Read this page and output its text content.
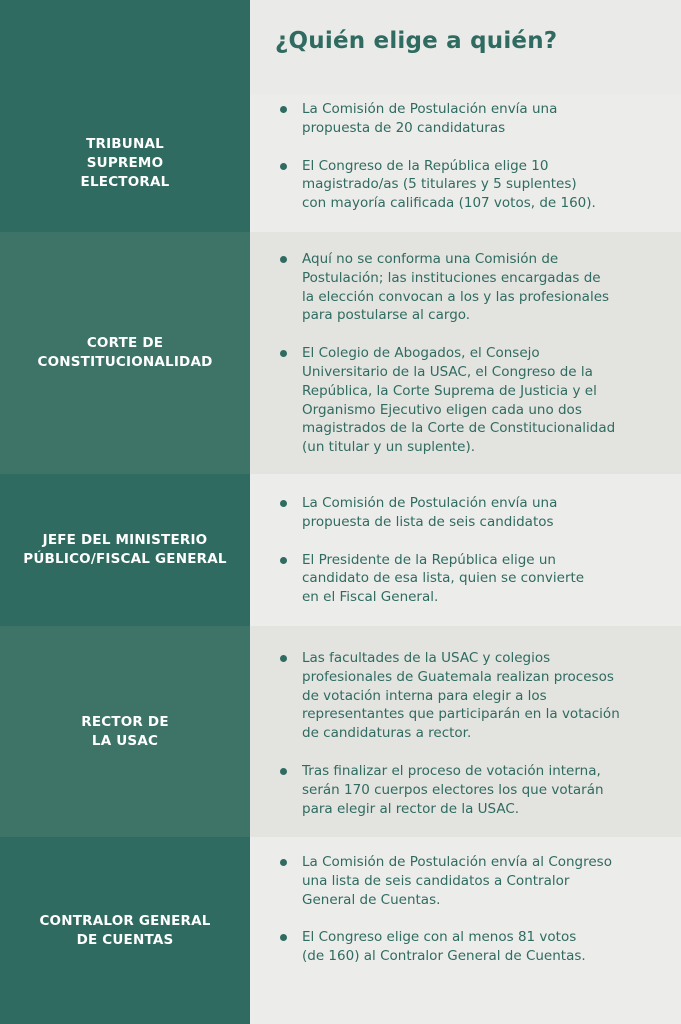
¿Quién elige a quién?
TRIBUNAL
SUPREMO
ELECTORAL
La Comisión de Postulación envía una
propuesta de 20 candidaturas
El Congreso de la República elige 10
magistrado/as (5 titulares y 5 suplentes)
con mayoría calificada (107 votos, de 160).
CORTE DE
CONSTITUCIONALIDAD
Aquí no se conforma una Comisión de
Postulación; las instituciones encargadas de
la elección convocan a los y las profesionales
para postularse al cargo.
El Colegio de Abogados, el Consejo
Universitario de la USAC, el Congreso de la
República, la Corte Suprema de Justicia y el
Organismo Ejecutivo eligen cada uno dos
magistrados de la Corte de Constitucionalidad
(un titular y un suplente).
JEFE DEL MINISTERIO
PÚBLICO/FISCAL GENERAL
La Comisión de Postulación envía una
propuesta de lista de seis candidatos
El Presidente de la República elige un
candidato de esa lista, quien se convierte
en el Fiscal General.
RECTOR DE
LA USAC
Las facultades de la USAC y colegios
profesionales de Guatemala realizan procesos
de votación interna para elegir a los
representantes que participarán en la votación
de candidaturas a rector.
Tras finalizar el proceso de votación interna,
serán 170 cuerpos electores los que votarán
para elegir al rector de la USAC.
CONTRALOR GENERAL
DE CUENTAS
La Comisión de Postulación envía al Congreso
una lista de seis candidatos a Contralor
General de Cuentas.
El Congreso elige con al menos 81 votos
(de 160) al Contralor General de Cuentas.
